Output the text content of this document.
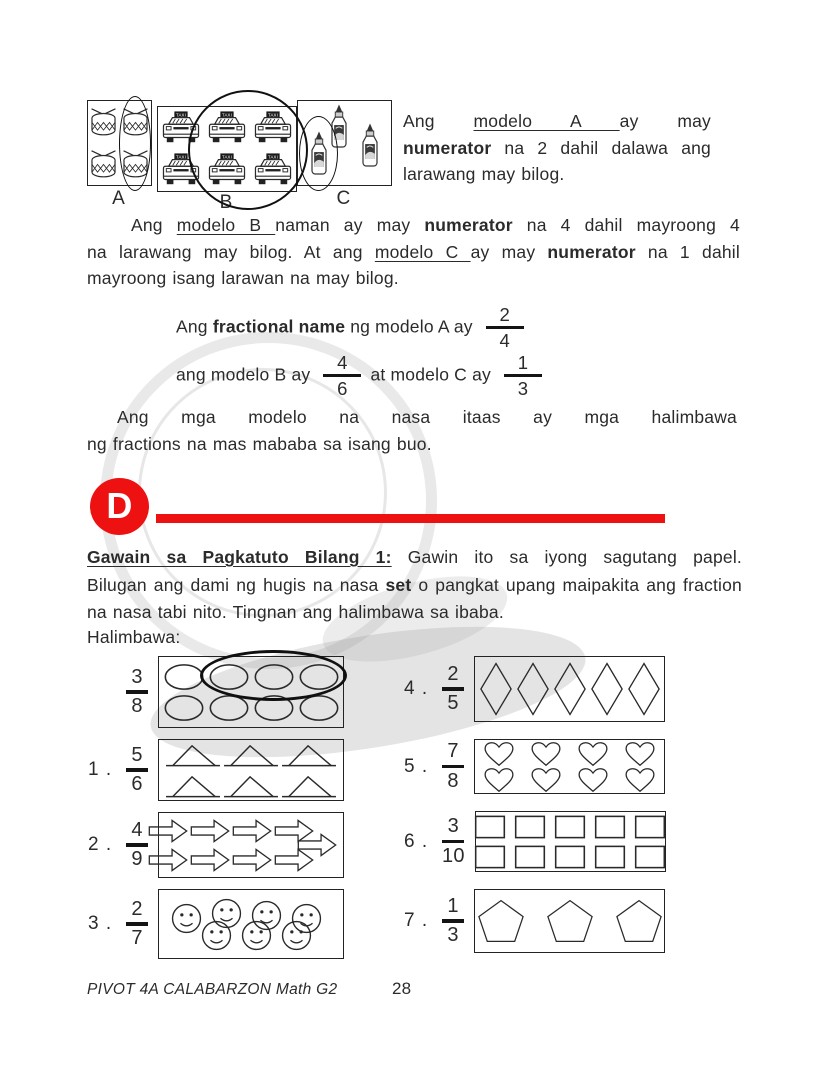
TAXI	TAXI	TAXI
TAXI	TAXI	TAXI
A	B	C
Ang modelo A ay may numerator na 2 dahil dalawa ang larawang may bilog.
Ang modelo B naman ay may numerator na 4 dahil mayroong 4 na larawang may bilog. At ang modelo C ay may numerator na 1 dahil mayroong isang larawan na may bilog.
Ang fractional name ng modelo A ay $\frac{2}{4}$
ang modelo B ay $\frac{4}{6}$ at modelo C ay $\frac{1}{3}$
Ang mga modelo na nasa itaas ay mga halimbawa ng fractions na mas mababa sa isang buo.
D
Gawain sa Pagkatuto Bilang 1: Gawin ito sa iyong sagutang papel. Bilugan ang dami ng hugis na nasa set o pangkat upang maipakita ang fraction na nasa tabi nito. Tingnan ang halimbawa sa ibaba.
Halimbawa:
$\frac{3}{8}$
1 . $\frac{5}{6}$
2 . $\frac{4}{9}$
3 . $\frac{2}{7}$
4 . $\frac{2}{5}$
5 . $\frac{7}{8}$
6 . $\frac{3}{10}$
7 . $\frac{1}{3}$
PIVOT 4A CALABARZON Math G2	28
